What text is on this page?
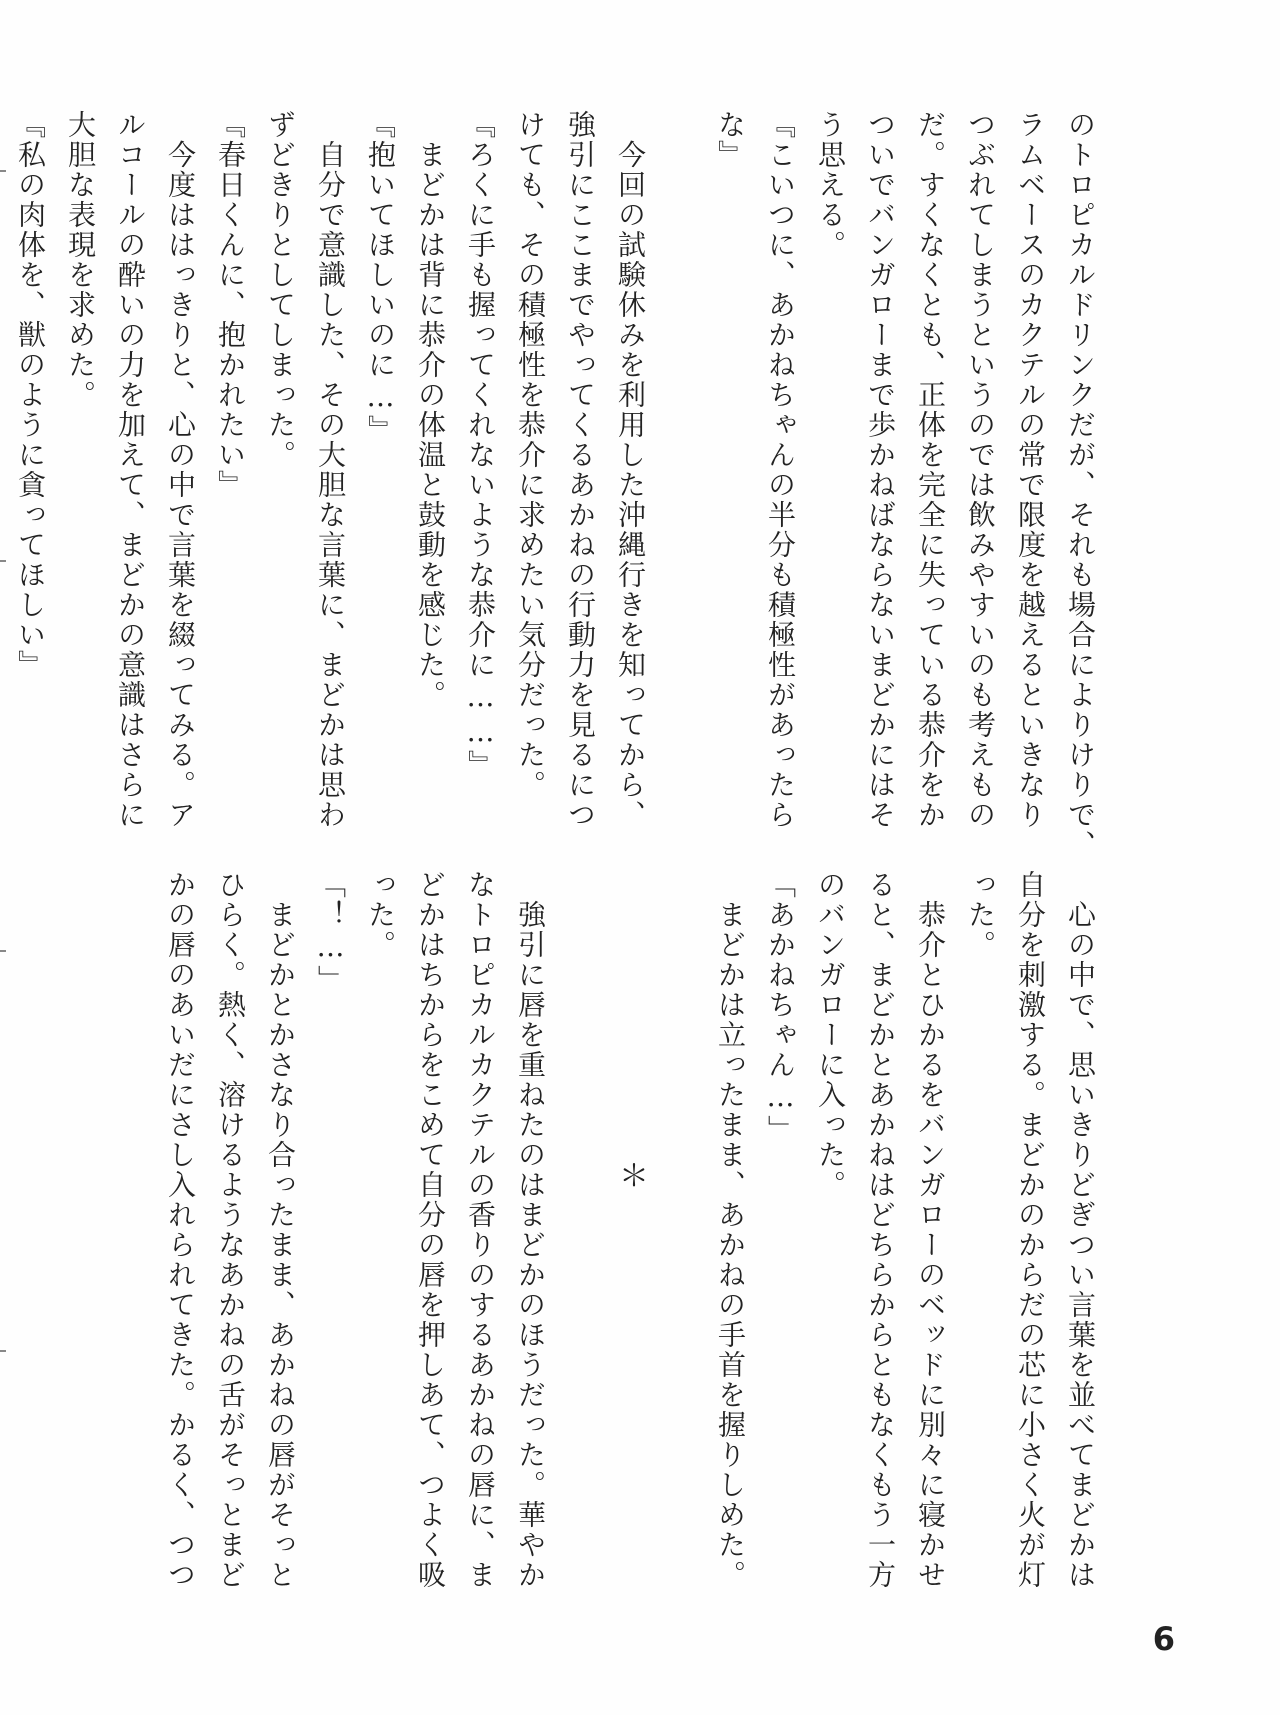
のトロピカルドリンクだが、それも場合によりけりで、
ラムベースのカクテルの常で限度を越えるといきなり
つぶれてしまうというのでは飲みやすいのも考えもの
だ。すくなくとも、正体を完全に失っている恭介をか
ついでバンガローまで歩かねばならないまどかにはそ
う思える。
『こいつに、あかねちゃんの半分も積極性があったら
な』
　今回の試験休みを利用した沖縄行きを知ってから、
強引にここまでやってくるあかねの行動力を見るにつ
けても、その積極性を恭介に求めたい気分だった。
『ろくに手も握ってくれないような恭介に……』
　まどかは背に恭介の体温と鼓動を感じた。
『抱いてほしいのに…』
　自分で意識した、その大胆な言葉に、まどかは思わ
ずどきりとしてしまった。
『春日くんに、抱かれたい』
　今度ははっきりと、心の中で言葉を綴ってみる。ア
ルコールの酔いの力を加えて、まどかの意識はさらに
大胆な表現を求めた。
『私の肉体を、獣のように貪ってほしい』
　心の中で、思いきりどぎつい言葉を並べてまどかは
自分を刺激する。まどかのからだの芯に小さく火が灯
った。
　恭介とひかるをバンガローのベッドに別々に寝かせ
ると、まどかとあかねはどちらからともなくもう一方
のバンガローに入った。
「あかねちゃん…」
　まどかは立ったまま、あかねの手首を握りしめた。
＊
　強引に唇を重ねたのはまどかのほうだった。華やか
なトロピカルカクテルの香りのするあかねの唇に、ま
どかはちからをこめて自分の唇を押しあて、つよく吸
った。
「！…」
　まどかとかさなり合ったまま、あかねの唇がそっと
ひらく。熱く、溶けるようなあかねの舌がそっとまど
かの唇のあいだにさし入れられてきた。かるく、つつ
6
